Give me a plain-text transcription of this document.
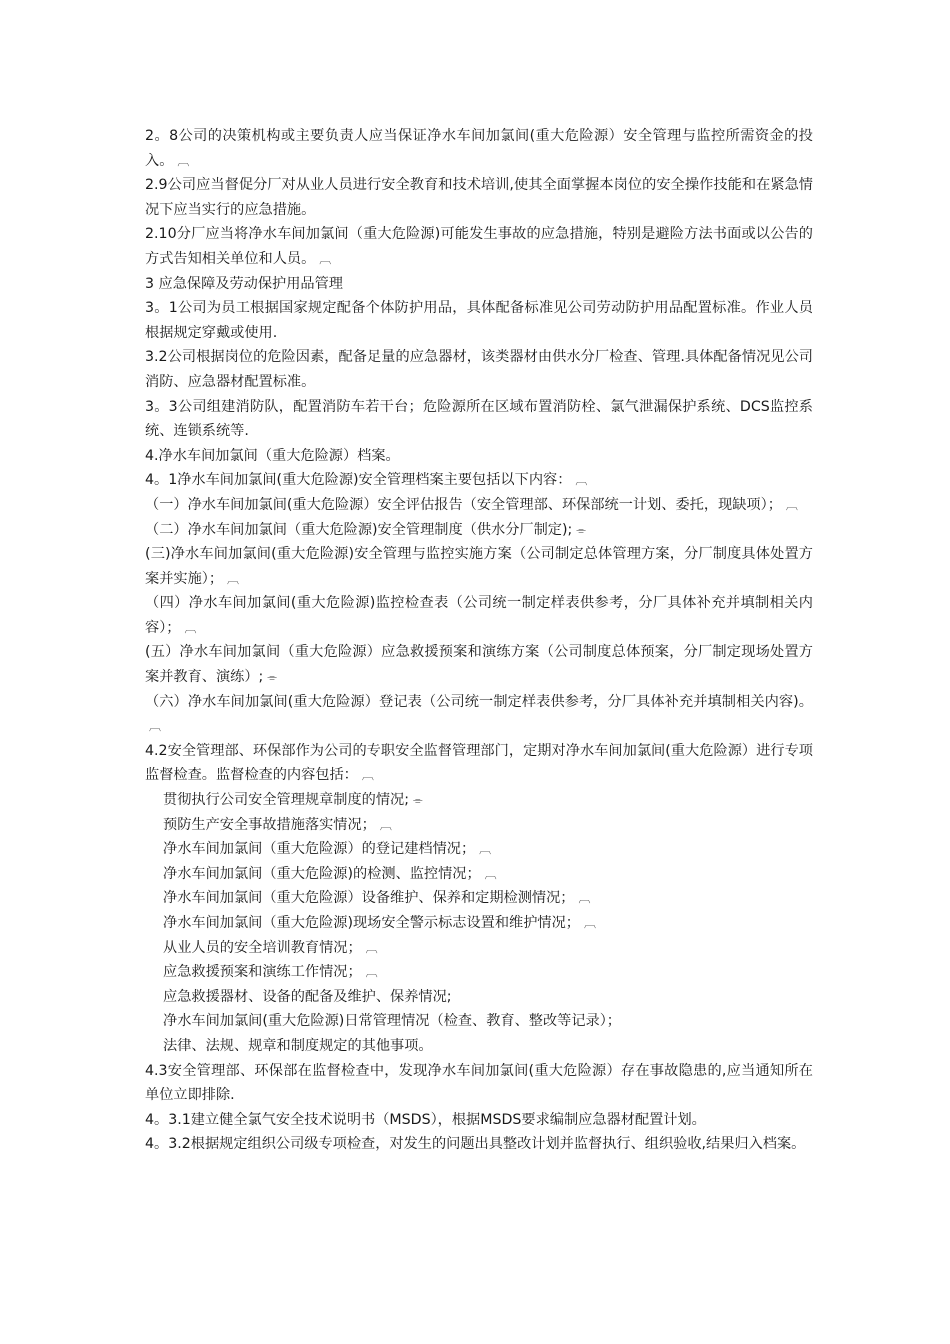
2。8公司的决策机构或主要负责人应当保证净水车间加氯间(重大危险源）安全管理与监控所需资金的投入。 ︹

2.9公司应当督促分厂对从业人员进行安全教育和技术培训,使其全面掌握本岗位的安全操作技能和在紧急情况下应当实行的应急措施。

2.10分厂应当将净水车间加氯间（重大危险源)可能发生事故的应急措施，特别是避险方法书面或以公告的方式告知相关单位和人员。 ︹

3 应急保障及劳动保护用品管理

3。1公司为员工根据国家规定配备个体防护用品，具体配备标准见公司劳动防护用品配置标准。作业人员根据规定穿戴或使用.

3.2公司根据岗位的危险因素，配备足量的应急器材，该类器材由供水分厂检查、管理.具体配备情况见公司消防、应急器材配置标准。

3。3公司组建消防队，配置消防车若干台；危险源所在区域布置消防栓、氯气泄漏保护系统、DCS监控系统、连锁系统等.

4.净水车间加氯间（重大危险源）档案。

4。1净水车间加氯间(重大危险源)安全管理档案主要包括以下内容： ︹

（一）净水车间加氯间(重大危险源）安全评估报告（安全管理部、环保部统一计划、委托，现缺项）； ︹

（二）净水车间加氯间（重大危险源)安全管理制度（供水分厂制定); ⌯

(三)净水车间加氯间(重大危险源)安全管理与监控实施方案（公司制定总体管理方案，分厂制度具体处置方案并实施）； ︹

（四）净水车间加氯间(重大危险源)监控检查表（公司统一制定样表供参考，分厂具体补充并填制相关内容）； ︹

(五）净水车间加氯间（重大危险源）应急救援预案和演练方案（公司制度总体预案，分厂制定现场处置方案并教育、演练）; ⌯

（六）净水车间加氯间(重大危险源）登记表（公司统一制定样表供参考，分厂具体补充并填制相关内容)。︹

4.2安全管理部、环保部作为公司的专职安全监督管理部门，定期对净水车间加氯间(重大危险源）进行专项监督检查。监督检查的内容包括： ︹

贯彻执行公司安全管理规章制度的情况; ⌯

预防生产安全事故措施落实情况； ︹

净水车间加氯间（重大危险源）的登记建档情况； ︹

净水车间加氯间（重大危险源)的检测、监控情况； ︹

净水车间加氯间（重大危险源）设备维护、保养和定期检测情况； ︹

净水车间加氯间（重大危险源)现场安全警示标志设置和维护情况； ︹

从业人员的安全培训教育情况； ︹

应急救援预案和演练工作情况； ︹

应急救援器材、设备的配备及维护、保养情况;

净水车间加氯间(重大危险源)日常管理情况（检查、教育、整改等记录）；

法律、法规、规章和制度规定的其他事项。

4.3安全管理部、环保部在监督检查中，发现净水车间加氯间(重大危险源）存在事故隐患的,应当通知所在单位立即排除.

4。3.1建立健全氯气安全技术说明书（MSDS），根据MSDS要求编制应急器材配置计划。

4。3.2根据规定组织公司级专项检查，对发生的问题出具整改计划并监督执行、组织验收,结果归入档案。
